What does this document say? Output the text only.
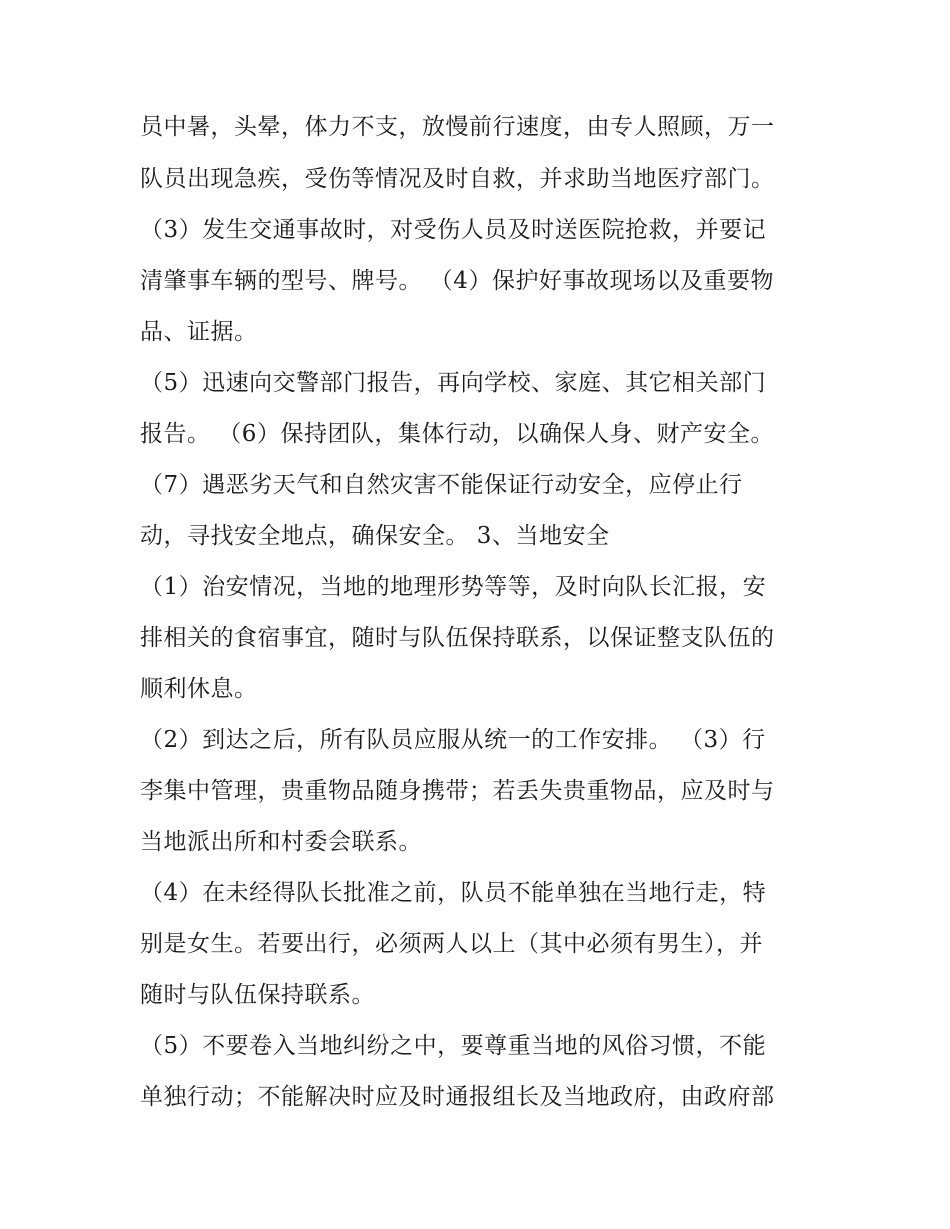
员中暑，头晕，体力不支，放慢前行速度，由专人照顾，万一
队员出现急疾，受伤等情况及时自救，并求助当地医疗部门。
（3）发生交通事故时，对受伤人员及时送医院抢救，并要记
清肇事车辆的型号、牌号。 （4）保护好事故现场以及重要物
品、证据。
（5）迅速向交警部门报告，再向学校、家庭、其它相关部门
报告。 （6）保持团队，集体行动，以确保人身、财产安全。
（7）遇恶劣天气和自然灾害不能保证行动安全，应停止行
动，寻找安全地点，确保安全。 3、当地安全
（1）治安情况，当地的地理形势等等，及时向队长汇报，安
排相关的食宿事宜，随时与队伍保持联系，以保证整支队伍的
顺利休息。
（2）到达之后，所有队员应服从统一的工作安排。 （3）行
李集中管理，贵重物品随身携带；若丢失贵重物品，应及时与
当地派出所和村委会联系。
（4）在未经得队长批准之前，队员不能单独在当地行走，特
别是女生。若要出行，必须两人以上（其中必须有男生），并
随时与队伍保持联系。
（5）不要卷入当地纠纷之中，要尊重当地的风俗习惯，不能
单独行动；不能解决时应及时通报组长及当地政府，由政府部
